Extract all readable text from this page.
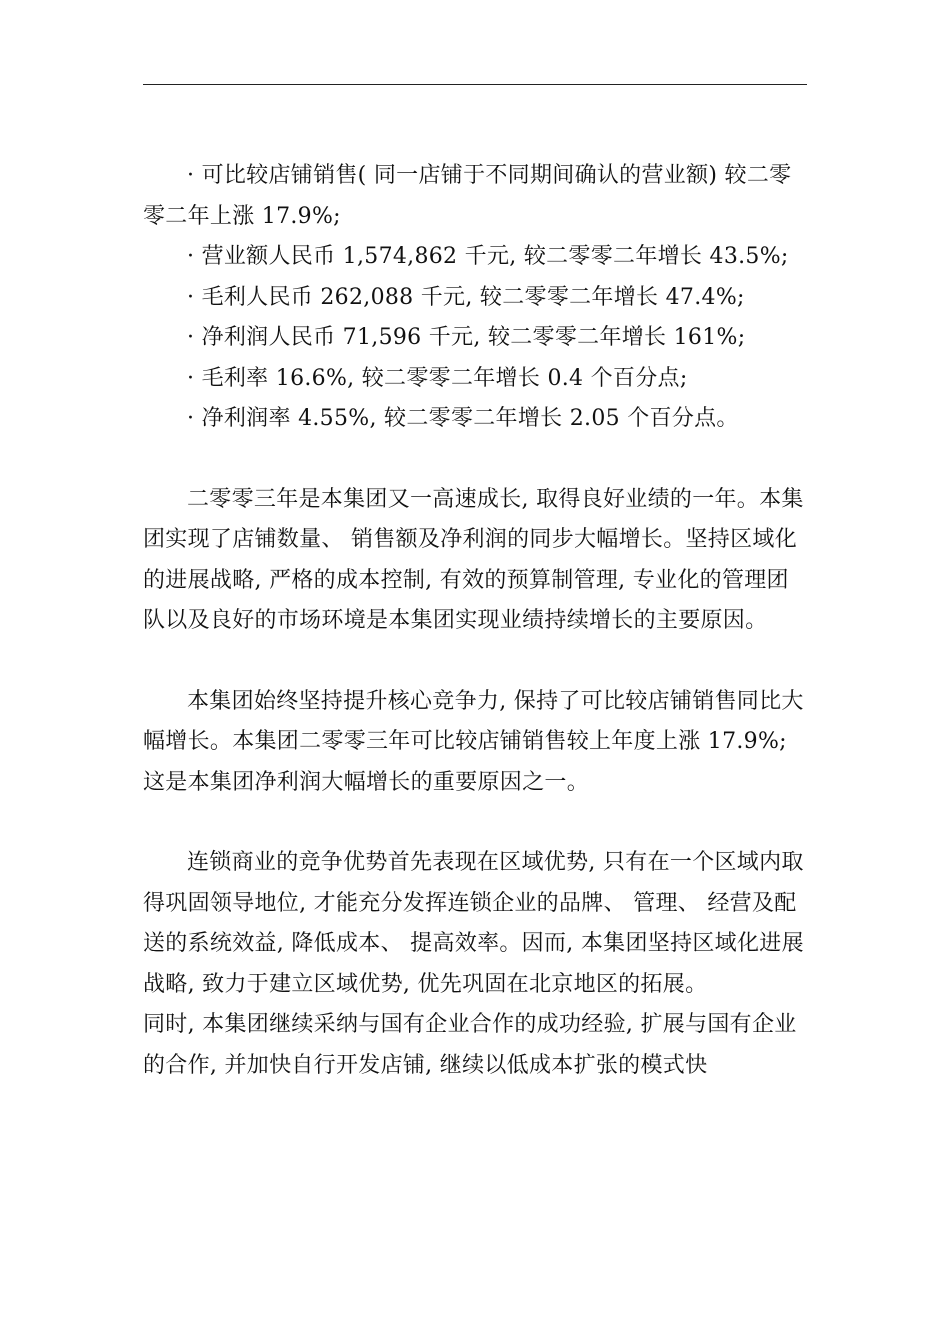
· 可比较店铺销售( 同一店铺于不同期间确认的营业额) 较二零零二年上涨 17.9%;

· 营业额人民币 1,574,862 千元, 较二零零二年增长 43.5%;

· 毛利人民币 262,088 千元, 较二零零二年增长 47.4%;

· 净利润人民币 71,596 千元, 较二零零二年增长 161%;

· 毛利率 16.6%, 较二零零二年增长 0.4 个百分点;

· 净利润率 4.55%, 较二零零二年增长 2.05 个百分点。

二零零三年是本集团又一高速成长, 取得良好业绩的一年。本集团实现了店铺数量、 销售额及净利润的同步大幅增长。坚持区域化的进展战略, 严格的成本控制, 有效的预算制管理, 专业化的管理团队以及良好的市场环境是本集团实现业绩持续增长的主要原因。

本集团始终坚持提升核心竞争力, 保持了可比较店铺销售同比大幅增长。本集团二零零三年可比较店铺销售较上年度上涨 17.9%; 这是本集团净利润大幅增长的重要原因之一。

连锁商业的竞争优势首先表现在区域优势, 只有在一个区域内取得巩固领导地位, 才能充分发挥连锁企业的品牌、 管理、 经营及配送的系统效益, 降低成本、 提高效率。因而, 本集团坚持区域化进展战略, 致力于建立区域优势, 优先巩固在北京地区的拓展。

同时, 本集团继续采纳与国有企业合作的成功经验, 扩展与国有企业的合作, 并加快自行开发店铺, 继续以低成本扩张的模式快
